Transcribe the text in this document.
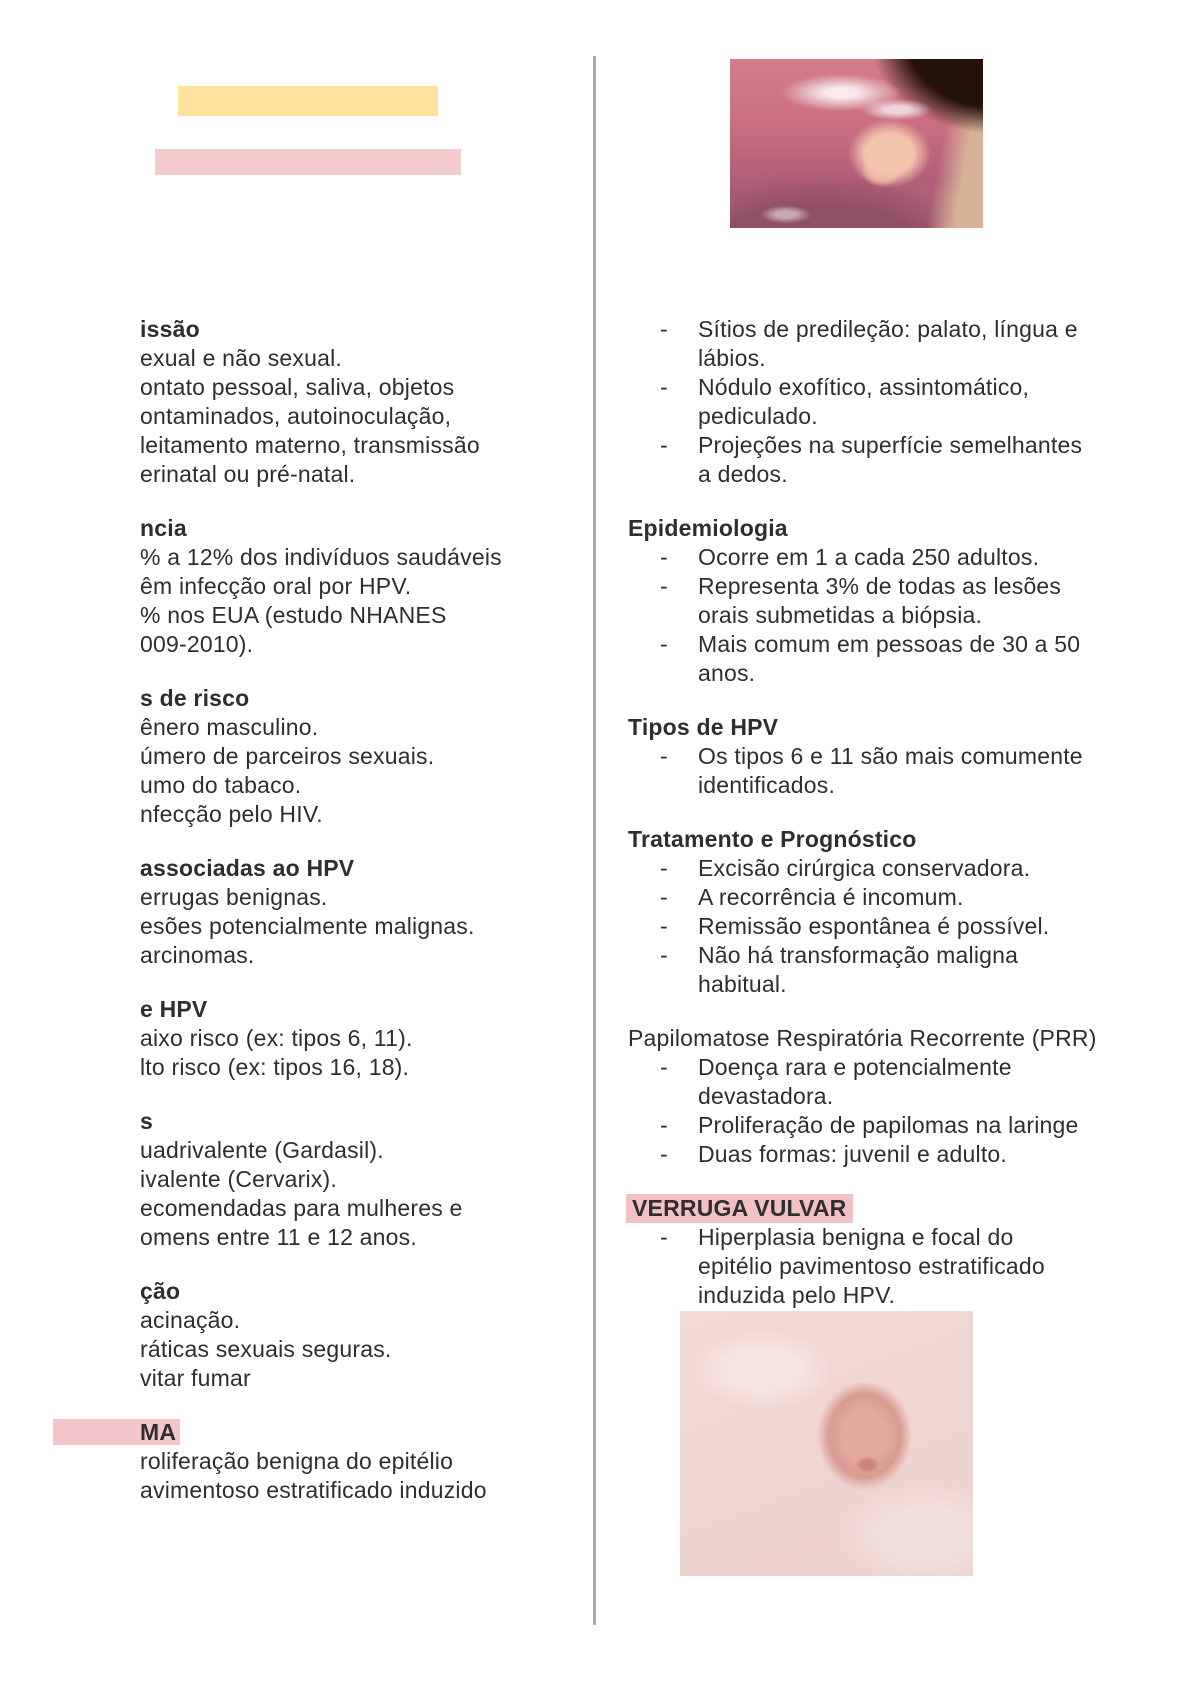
issão
exual e não sexual.
ontato pessoal, saliva, objetos
ontaminados, autoinoculação,
leitamento materno, transmissão
erinatal ou pré-natal.
ncia
% a 12% dos indivíduos saudáveis
êm infecção oral por HPV.
% nos EUA (estudo NHANES
009-2010).
s de risco
ênero masculino.
úmero de parceiros sexuais.
umo do tabaco.
nfecção pelo HIV.
associadas ao HPV
errugas benignas.
esões potencialmente malignas.
arcinomas.
e HPV
aixo risco (ex: tipos 6, 11).
lto risco (ex: tipos 16, 18).
s
uadrivalente (Gardasil).
ivalente (Cervarix).
ecomendadas para mulheres e
omens entre 11 e 12 anos.
ção
acinação.
ráticas sexuais seguras.
vitar fumar
MA
roliferação benigna do epitélio
avimentoso estratificado induzido
-	Sítios de predileção: palato, língua e
lábios.
-	Nódulo exofítico, assintomático,
pediculado.
-	Projeções na superfície semelhantes
a dedos.
Epidemiologia
-	Ocorre em 1 a cada 250 adultos.
-	Representa 3% de todas as lesões
orais submetidas a biópsia.
-	Mais comum em pessoas de 30 a 50
anos.
Tipos de HPV
-	Os tipos 6 e 11 são mais comumente
identificados.
Tratamento e Prognóstico
-	Excisão cirúrgica conservadora.
-	A recorrência é incomum.
-	Remissão espontânea é possível.
-	Não há transformação maligna
habitual.
Papilomatose Respiratória Recorrente (PRR)
-	Doença rara e potencialmente
devastadora.
-	Proliferação de papilomas na laringe
-	Duas formas: juvenil e adulto.
VERRUGA VULVAR
-	Hiperplasia benigna e focal do
epitélio pavimentoso estratificado
induzida pelo HPV.
